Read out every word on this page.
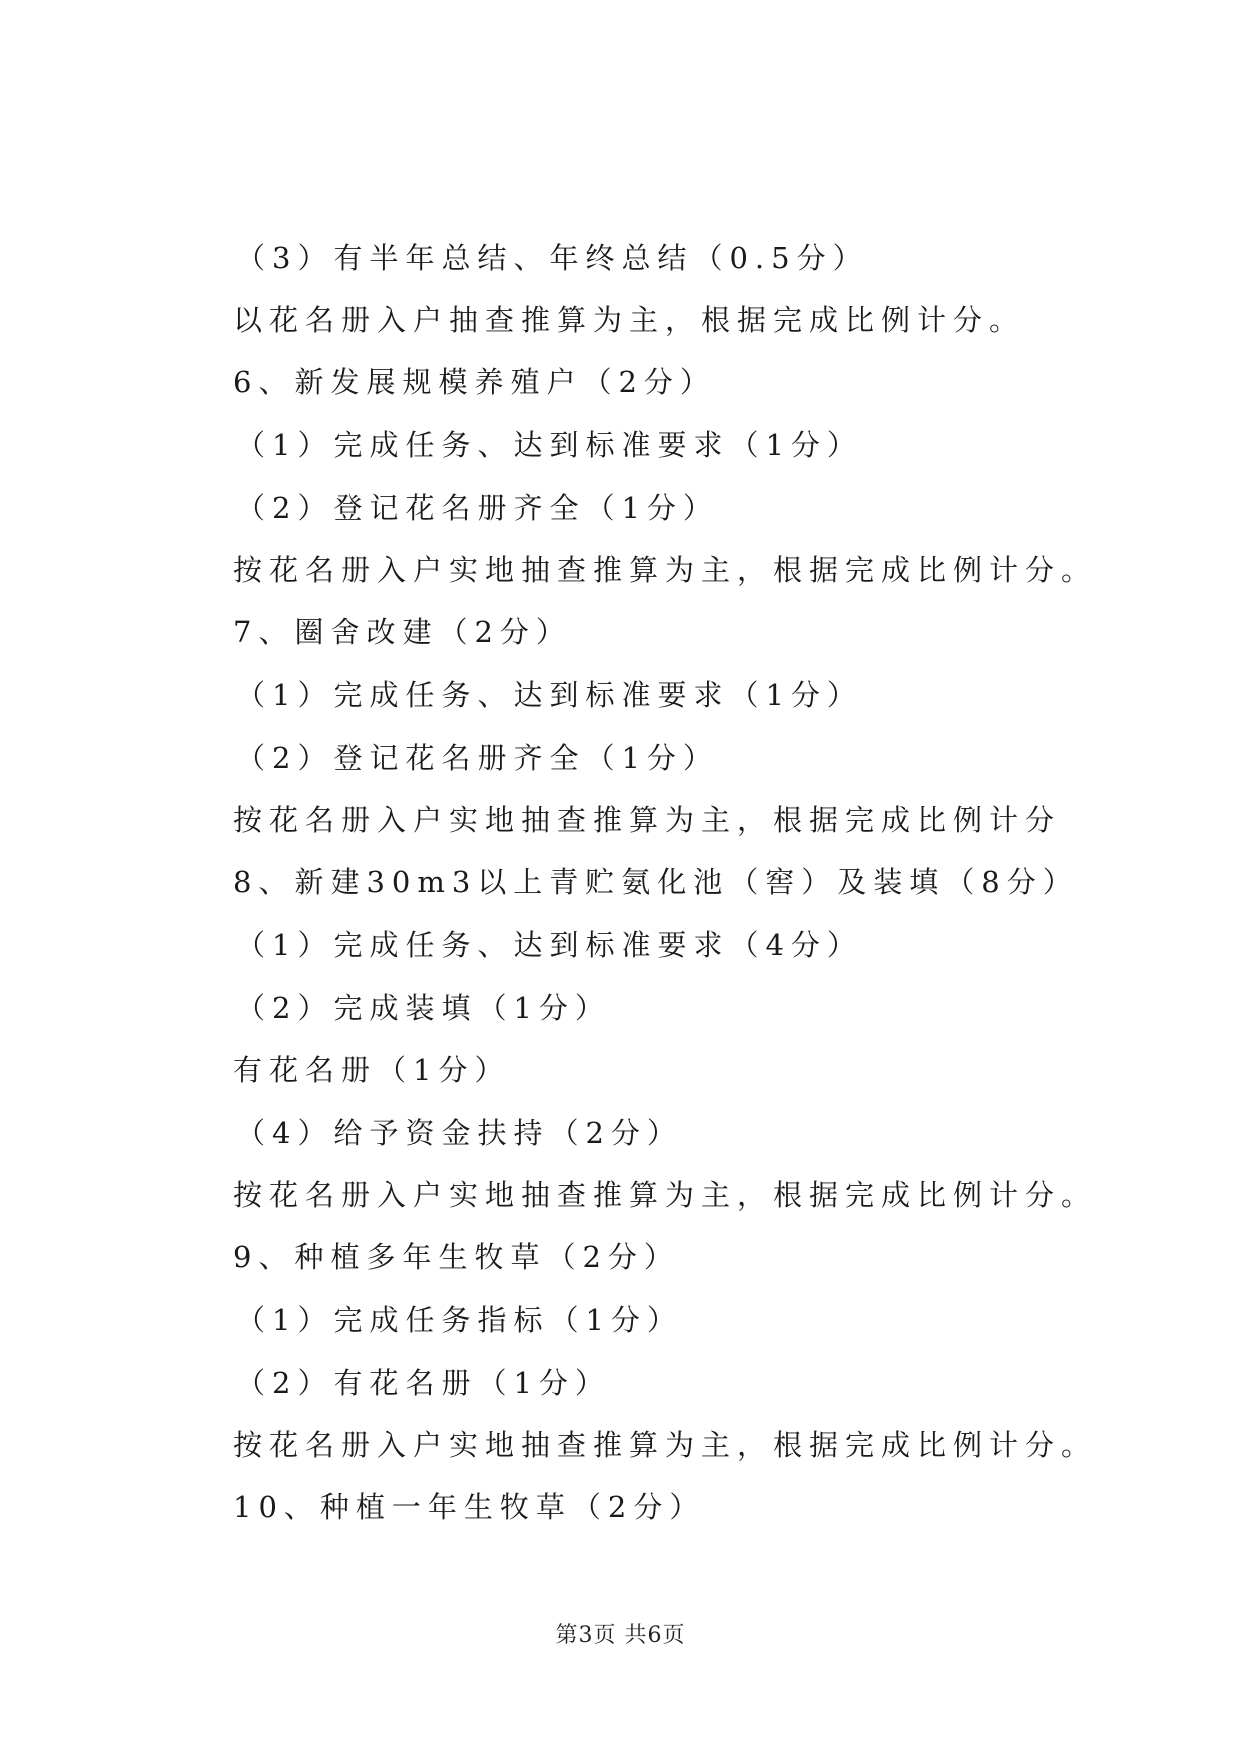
（3）有半年总结、年终总结（0.5分）
以花名册入户抽查推算为主，根据完成比例计分。
6、新发展规模养殖户（2分）
（1）完成任务、达到标准要求（1分）
（2）登记花名册齐全（1分）
按花名册入户实地抽查推算为主，根据完成比例计分。
7、圈舍改建（2分）
（1）完成任务、达到标准要求（1分）
（2）登记花名册齐全（1分）
按花名册入户实地抽查推算为主，根据完成比例计分
8、新建30m3以上青贮氨化池（窖）及装填（8分）
（1）完成任务、达到标准要求（4分）
（2）完成装填（1分）
有花名册（1分）
（4）给予资金扶持（2分）
按花名册入户实地抽查推算为主，根据完成比例计分。
9、种植多年生牧草（2分）
（1）完成任务指标（1分）
（2）有花名册（1分）
按花名册入户实地抽查推算为主，根据完成比例计分。
10、种植一年生牧草（2分）
第3页 共6页
